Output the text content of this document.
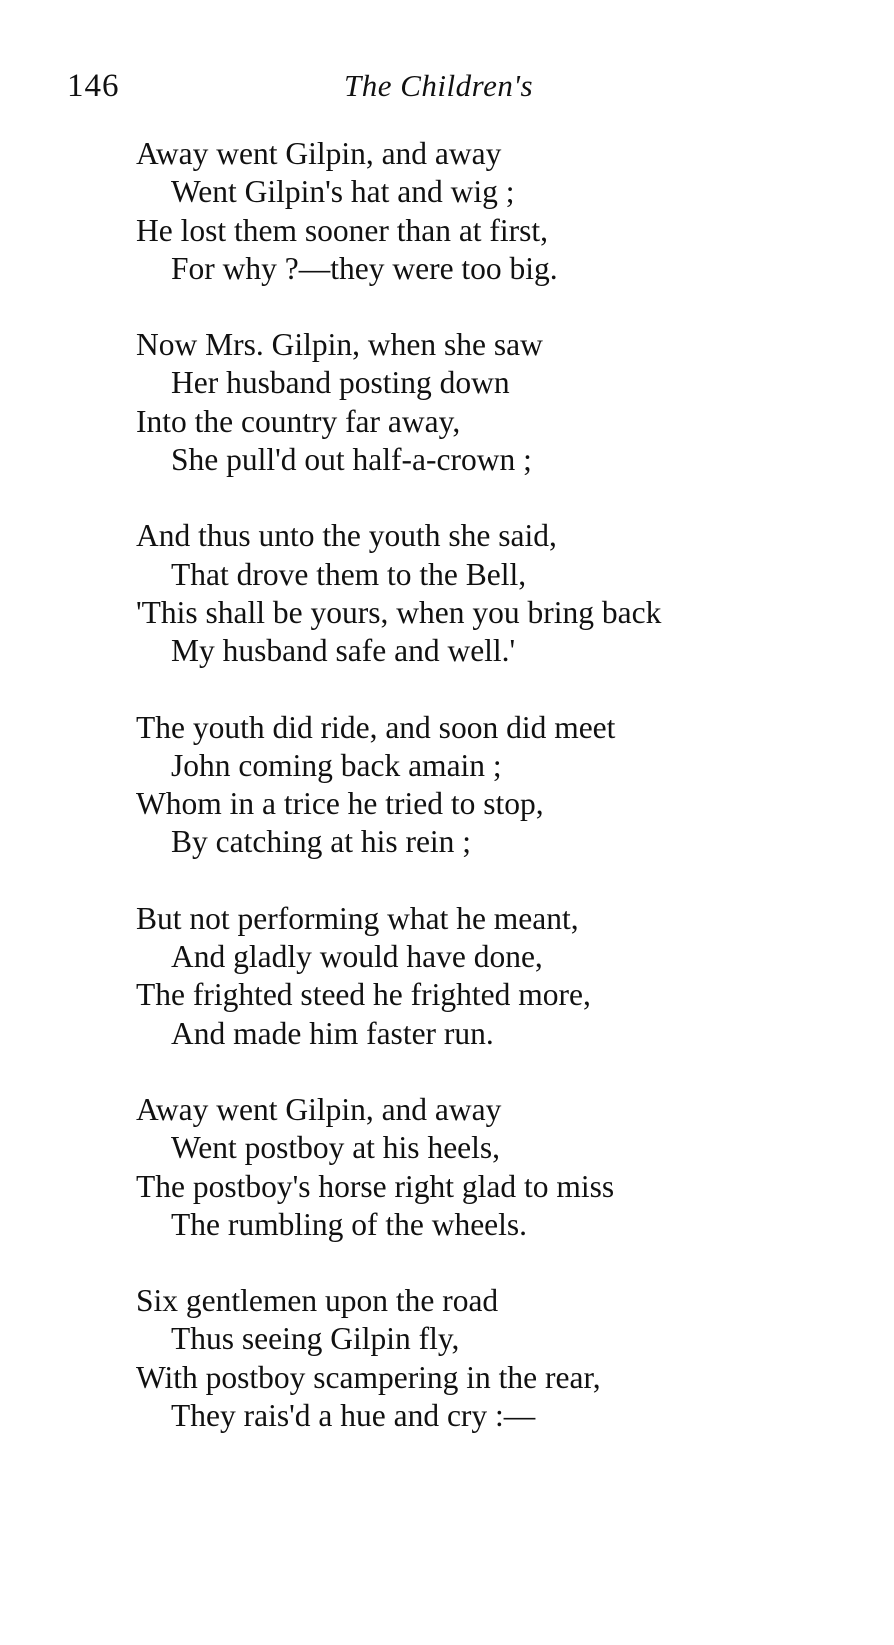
146	The Children's
Away went Gilpin, and away
Went Gilpin's hat and wig ;
He lost them sooner than at first,
For why ?—they were too big.
Now Mrs. Gilpin, when she saw
Her husband posting down
Into the country far away,
She pull'd out half-a-crown ;
And thus unto the youth she said,
That drove them to the Bell,
'This shall be yours, when you bring back
My husband safe and well.'
The youth did ride, and soon did meet
John coming back amain ;
Whom in a trice he tried to stop,
By catching at his rein ;
But not performing what he meant,
And gladly would have done,
The frighted steed he frighted more,
And made him faster run.
Away went Gilpin, and away
Went postboy at his heels,
The postboy's horse right glad to miss
The rumbling of the wheels.
Six gentlemen upon the road
Thus seeing Gilpin fly,
With postboy scampering in the rear,
They rais'd a hue and cry :—
